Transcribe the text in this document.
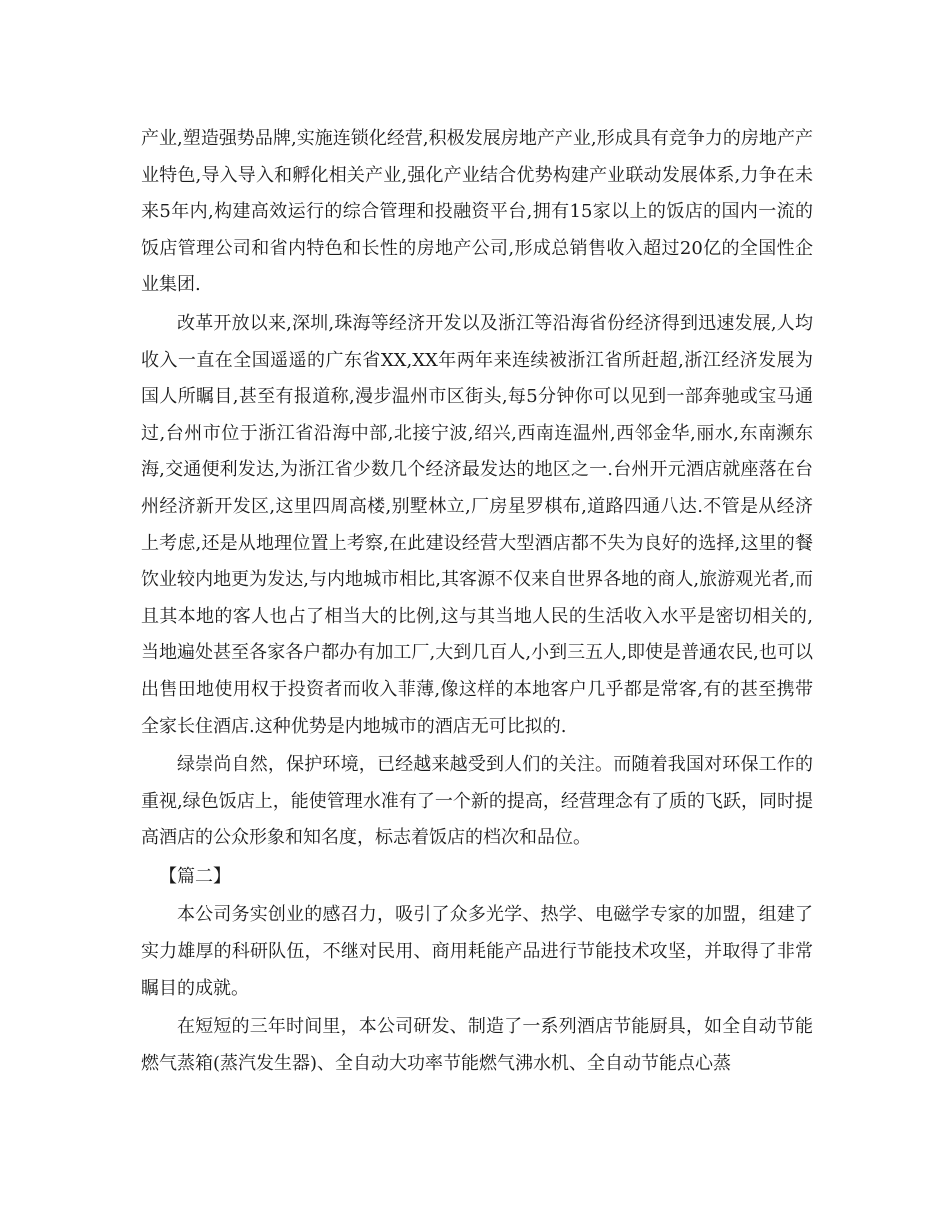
产业,塑造强势品牌,实施连锁化经营,积极发展房地产产业,形成具有竞争力的房地产产业特色,导入导入和孵化相关产业,强化产业结合优势构建产业联动发展体系,力争在未来5年内,构建高效运行的综合管理和投融资平台,拥有15家以上的饭店的国内一流的饭店管理公司和省内特色和长性的房地产公司,形成总销售收入超过20亿的全国性企业集团.

改革开放以来,深圳,珠海等经济开发以及浙江等沿海省份经济得到迅速发展,人均收入一直在全国遥遥的广东省XX,XX年两年来连续被浙江省所赶超,浙江经济发展为国人所瞩目,甚至有报道称,漫步温州市区街头,每5分钟你可以见到一部奔驰或宝马通过,台州市位于浙江省沿海中部,北接宁波,绍兴,西南连温州,西邻金华,丽水,东南濒东海,交通便利发达,为浙江省少数几个经济最发达的地区之一.台州开元酒店就座落在台州经济新开发区,这里四周高楼,别墅林立,厂房星罗棋布,道路四通八达.不管是从经济上考虑,还是从地理位置上考察,在此建设经营大型酒店都不失为良好的选择,这里的餐饮业较内地更为发达,与内地城市相比,其客源不仅来自世界各地的商人,旅游观光者,而且其本地的客人也占了相当大的比例,这与其当地人民的生活收入水平是密切相关的,当地遍处甚至各家各户都办有加工厂,大到几百人,小到三五人,即使是普通农民,也可以出售田地使用权于投资者而收入菲薄,像这样的本地客户几乎都是常客,有的甚至携带全家长住酒店.这种优势是内地城市的酒店无可比拟的.

绿崇尚自然，保护环境，已经越来越受到人们的关注。而随着我国对环保工作的重视,绿色饭店上，能使管理水准有了一个新的提高，经营理念有了质的飞跃，同时提高酒店的公众形象和知名度，标志着饭店的档次和品位。

【篇二】

本公司务实创业的感召力，吸引了众多光学、热学、电磁学专家的加盟，组建了实力雄厚的科研队伍，不继对民用、商用耗能产品进行节能技术攻坚，并取得了非常瞩目的成就。

在短短的三年时间里，本公司研发、制造了一系列酒店节能厨具，如全自动节能燃气蒸箱(蒸汽发生器)、全自动大功率节能燃气沸水机、全自动节能点心蒸
